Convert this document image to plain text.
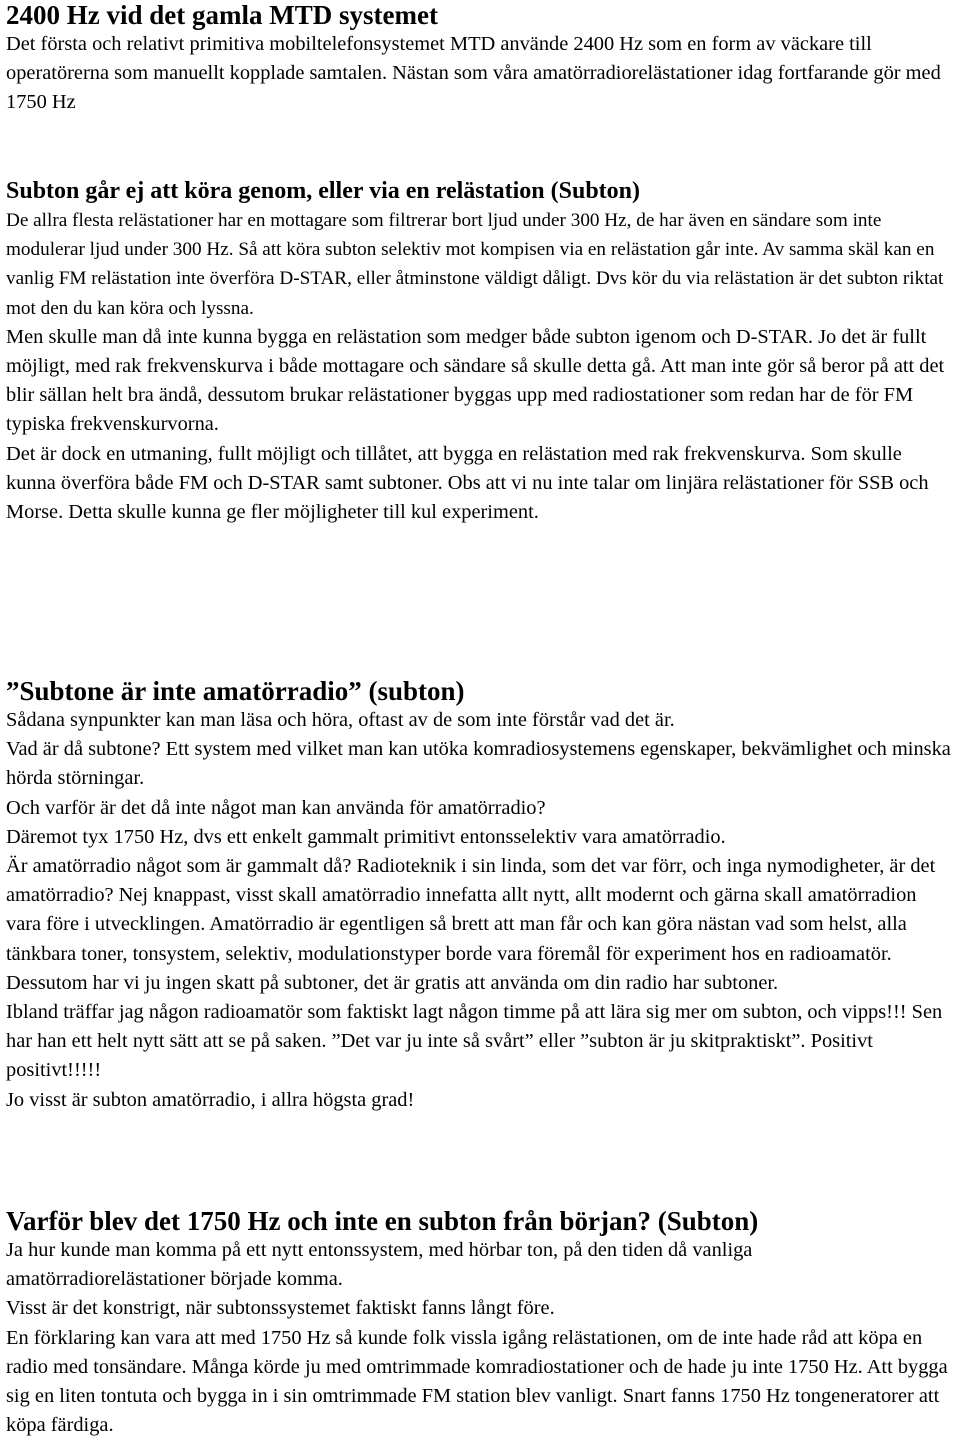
2400 Hz vid det gamla MTD systemet
Det första och relativt primitiva mobiltelefonsystemet MTD använde 2400 Hz som en form av väckare till operatörerna som manuellt kopplade samtalen. Nästan som våra amatörradiorelästationer idag fortfarande gör med 1750 Hz
Subton går ej att köra genom, eller via en relästation (Subton)
De allra flesta relästationer har en mottagare som filtrerar bort ljud under 300 Hz, de har även en sändare som inte modulerar ljud under 300 Hz. Så att köra subton selektiv mot kompisen via en relästation går inte. Av samma skäl kan en vanlig FM relästation inte överföra D-STAR, eller åtminstone väldigt dåligt. Dvs kör du via relästation är det subton riktat mot den du kan köra och lyssna.
Men skulle man då inte kunna bygga en relästation som medger både subton igenom och D-STAR. Jo det är fullt möjligt, med rak frekvenskurva i både mottagare och sändare så skulle detta gå. Att man inte gör så beror på att det blir sällan helt bra ändå, dessutom brukar relästationer byggas upp med radiostationer som redan har de för FM typiska frekvenskurvorna.
Det är dock en utmaning, fullt möjligt och tillåtet, att bygga en relästation med rak frekvenskurva. Som skulle kunna överföra både FM och D-STAR samt subtoner. Obs att vi nu inte talar om linjära relästationer för SSB och Morse. Detta skulle kunna ge fler möjligheter till kul experiment.
”Subtone är inte amatörradio” (subton)
Sådana synpunkter kan man läsa och höra, oftast av de som inte förstår vad det är.
Vad är då subtone? Ett system med vilket man kan utöka komradiosystemens egenskaper, bekvämlighet och minska hörda störningar.
Och varför är det då inte något man kan använda för amatörradio?
Däremot tyx 1750 Hz, dvs ett enkelt gammalt primitivt entonsselektiv vara amatörradio.
Är amatörradio något som är gammalt då? Radioteknik i sin linda, som det var förr, och inga nymodigheter, är det amatörradio? Nej knappast, visst skall amatörradio innefatta allt nytt, allt modernt och gärna skall amatörradion vara före i utvecklingen. Amatörradio är egentligen så brett att man får och kan göra nästan vad som helst, alla tänkbara toner, tonsystem, selektiv, modulationstyper borde vara föremål för experiment hos en radioamatör. Dessutom har vi ju ingen skatt på subtoner, det är gratis att använda om din radio har subtoner.
Ibland träffar jag någon radioamatör som faktiskt lagt någon timme på att lära sig mer om subton, och vipps!!! Sen har han ett helt nytt sätt att se på saken. ”Det var ju inte så svårt” eller ”subton är ju skitpraktiskt”. Positivt positivt!!!!!
Jo visst är subton amatörradio, i allra högsta grad!
Varför blev det 1750 Hz och inte en subton från början? (Subton)
Ja hur kunde man komma på ett nytt entonssystem, med hörbar ton, på den tiden då vanliga amatörradiorelästationer började komma.
Visst är det konstrigt, när subtonssystemet faktiskt fanns långt före.
En förklaring kan vara att med 1750 Hz så kunde folk vissla igång relästationen, om de inte hade råd att köpa en radio med tonsändare. Många körde ju med omtrimmade komradiostationer och de hade ju inte 1750 Hz. Att bygga sig en liten tontuta och bygga in i sin omtrimmade FM station blev vanligt. Snart fanns 1750 Hz tongeneratorer att köpa färdiga.
